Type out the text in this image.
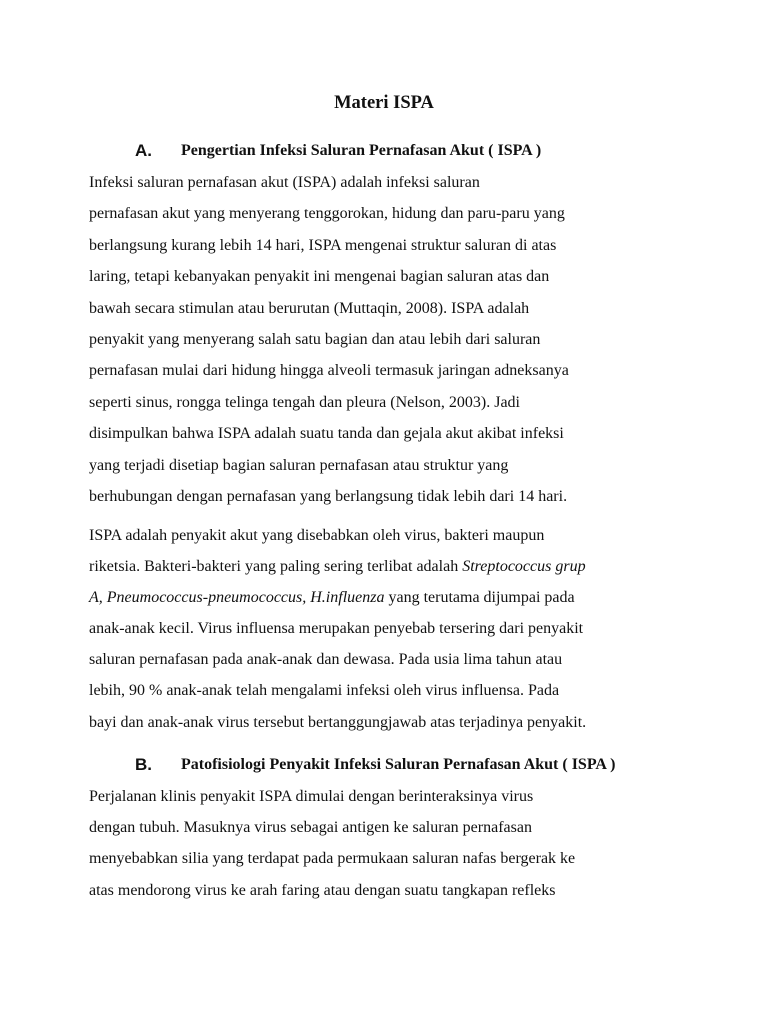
Materi ISPA
A. Pengertian Infeksi Saluran Pernafasan Akut ( ISPA )
Infeksi saluran pernafasan akut (ISPA) adalah infeksi saluran
pernafasan akut yang menyerang tenggorokan, hidung dan paru-paru yang
berlangsung kurang lebih 14 hari, ISPA mengenai struktur saluran di atas
laring, tetapi kebanyakan penyakit ini mengenai bagian saluran atas dan
bawah secara stimulan atau berurutan (Muttaqin, 2008). ISPA adalah
penyakit yang menyerang salah satu bagian dan atau lebih dari saluran
pernafasan mulai dari hidung hingga alveoli termasuk jaringan adneksanya
seperti sinus, rongga telinga tengah dan pleura (Nelson, 2003). Jadi
disimpulkan bahwa ISPA adalah suatu tanda dan gejala akut akibat infeksi
yang terjadi disetiap bagian saluran pernafasan atau struktur yang
berhubungan dengan pernafasan yang berlangsung tidak lebih dari 14 hari.
ISPA adalah penyakit akut yang disebabkan oleh virus, bakteri maupun
riketsia. Bakteri-bakteri yang paling sering terlibat adalah Streptococcus grup
A, Pneumococcus-pneumococcus, H.influenza yang terutama dijumpai pada
anak-anak kecil. Virus influensa merupakan penyebab tersering dari penyakit
saluran pernafasan pada anak-anak dan dewasa. Pada usia lima tahun atau
lebih, 90 % anak-anak telah mengalami infeksi oleh virus influensa. Pada
bayi dan anak-anak virus tersebut bertanggungjawab atas terjadinya penyakit.
B. Patofisiologi Penyakit Infeksi Saluran Pernafasan Akut ( ISPA )
Perjalanan klinis penyakit ISPA dimulai dengan berinteraksinya virus
dengan tubuh. Masuknya virus sebagai antigen ke saluran pernafasan
menyebabkan silia yang terdapat pada permukaan saluran nafas bergerak ke
atas mendorong virus ke arah faring atau dengan suatu tangkapan refleks
